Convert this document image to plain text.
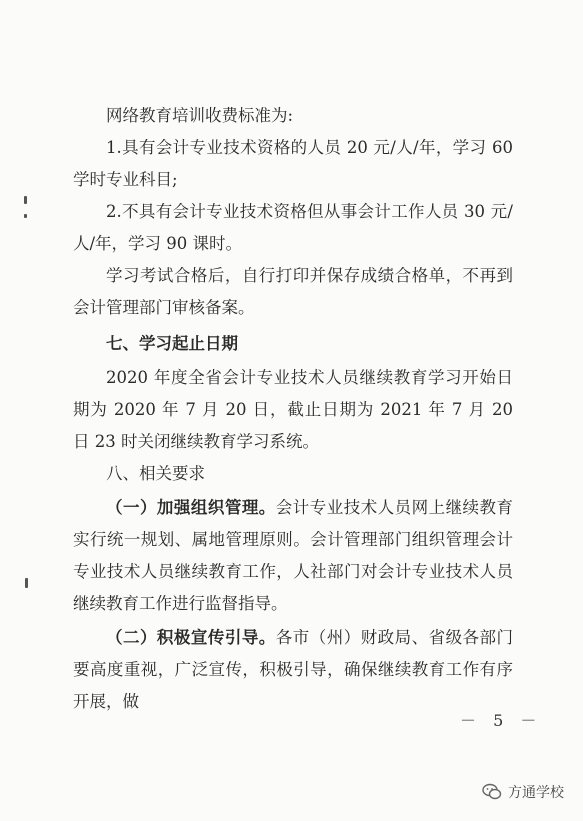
网络教育培训收费标准为:

1.具有会计专业技术资格的人员 20 元/人/年，学习 60 学时专业科目;

2.不具有会计专业技术资格但从事会计工作人员 30 元/人/年，学习 90 课时。

学习考试合格后，自行打印并保存成绩合格单，不再到会计管理部门审核备案。

七、学习起止日期

2020 年度全省会计专业技术人员继续教育学习开始日期为 2020 年 7 月 20 日，截止日期为 2021 年 7 月 20 日 23 时关闭继续教育学习系统。

八、相关要求

（一）加强组织管理。会计专业技术人员网上继续教育实行统一规划、属地管理原则。会计管理部门组织管理会计专业技术人员继续教育工作，人社部门对会计专业技术人员继续教育工作进行监督指导。

（二）积极宣传引导。各市（州）财政局、省级各部门要高度重视，广泛宣传，积极引导，确保继续教育工作有序开展，做

－ 5 －
方通学校
